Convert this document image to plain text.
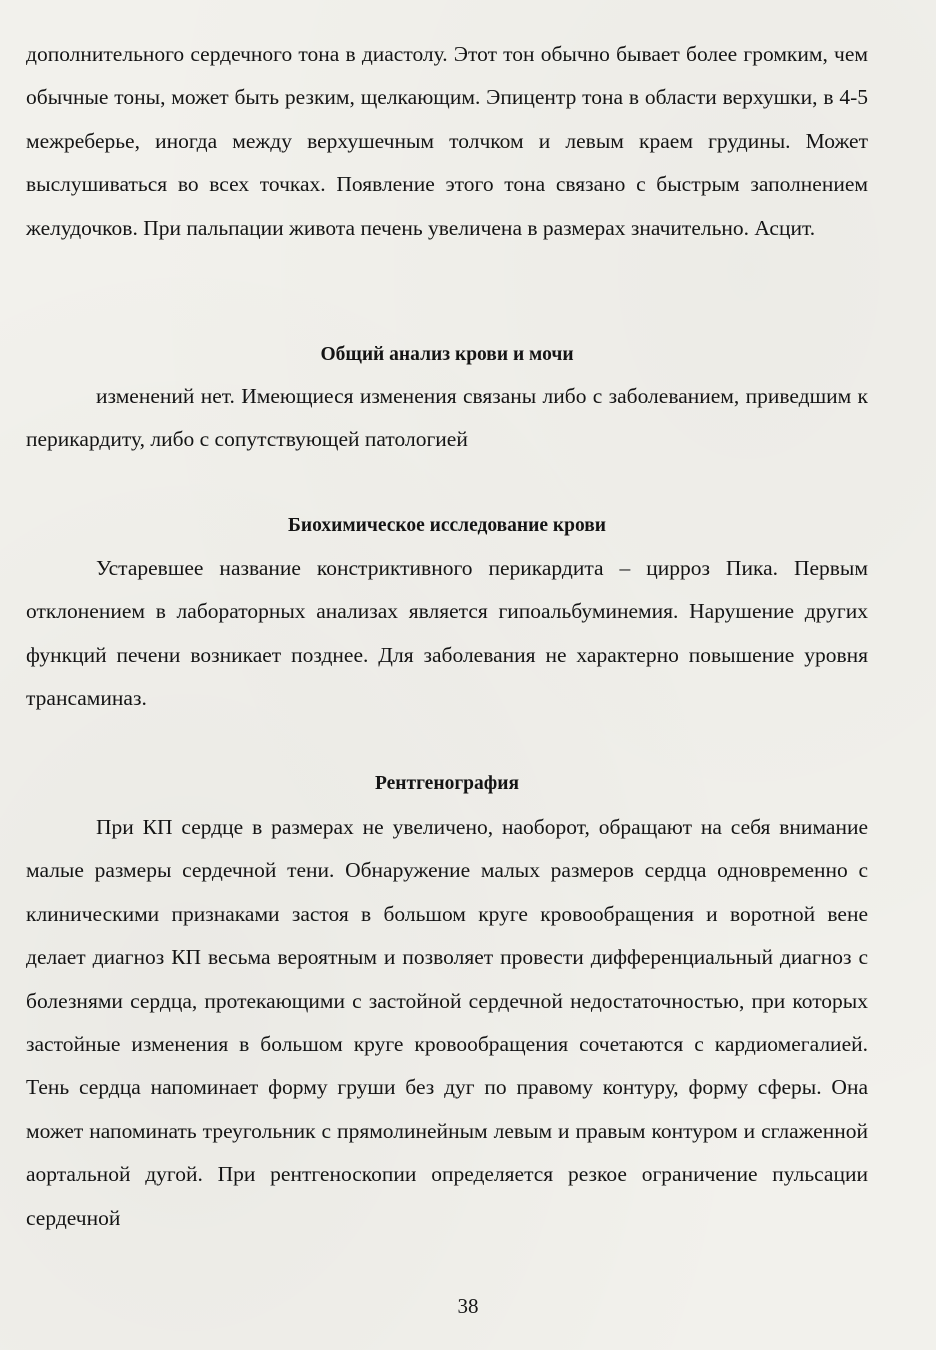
дополнительного сердечного тона в диастолу. Этот тон обычно бывает более громким, чем обычные тоны, может быть резким, щелкающим. Эпицентр тона в области верхушки, в 4-5 межреберье, иногда между верхушечным толчком и левым краем грудины. Может выслушиваться во всех точках. Появление этого тона связано с быстрым заполнением желудочков. При пальпации живота печень увеличена в размерах значительно. Асцит.

Общий анализ крови и мочи

изменений нет. Имеющиеся изменения связаны либо с заболеванием, приведшим к перикардиту, либо с сопутствующей патологией

Биохимическое исследование крови

Устаревшее название констриктивного перикардита – цирроз Пика. Первым отклонением в лабораторных анализах является гипоальбуминемия. Нарушение других функций печени возникает позднее. Для заболевания не характерно повышение уровня трансаминаз.

Рентгенография

При КП сердце в размерах не увеличено, наоборот, обращают на себя внимание малые размеры сердечной тени. Обнаружение малых размеров сердца одновременно с клиническими признаками застоя в большом круге кровообращения и воротной вене делает диагноз КП весьма вероятным и позволяет провести дифференциальный диагноз с болезнями сердца, протекающими с застойной сердечной недостаточностью, при которых застойные изменения в большом круге кровообращения сочетаются с кардиомегалией. Тень сердца напоминает форму груши без дуг по правому контуру, форму сферы. Она может напоминать треугольник с прямолинейным левым и правым контуром и сглаженной аортальной дугой. При рентгеноскопии определяется резкое ограничение пульсации сердечной

38
